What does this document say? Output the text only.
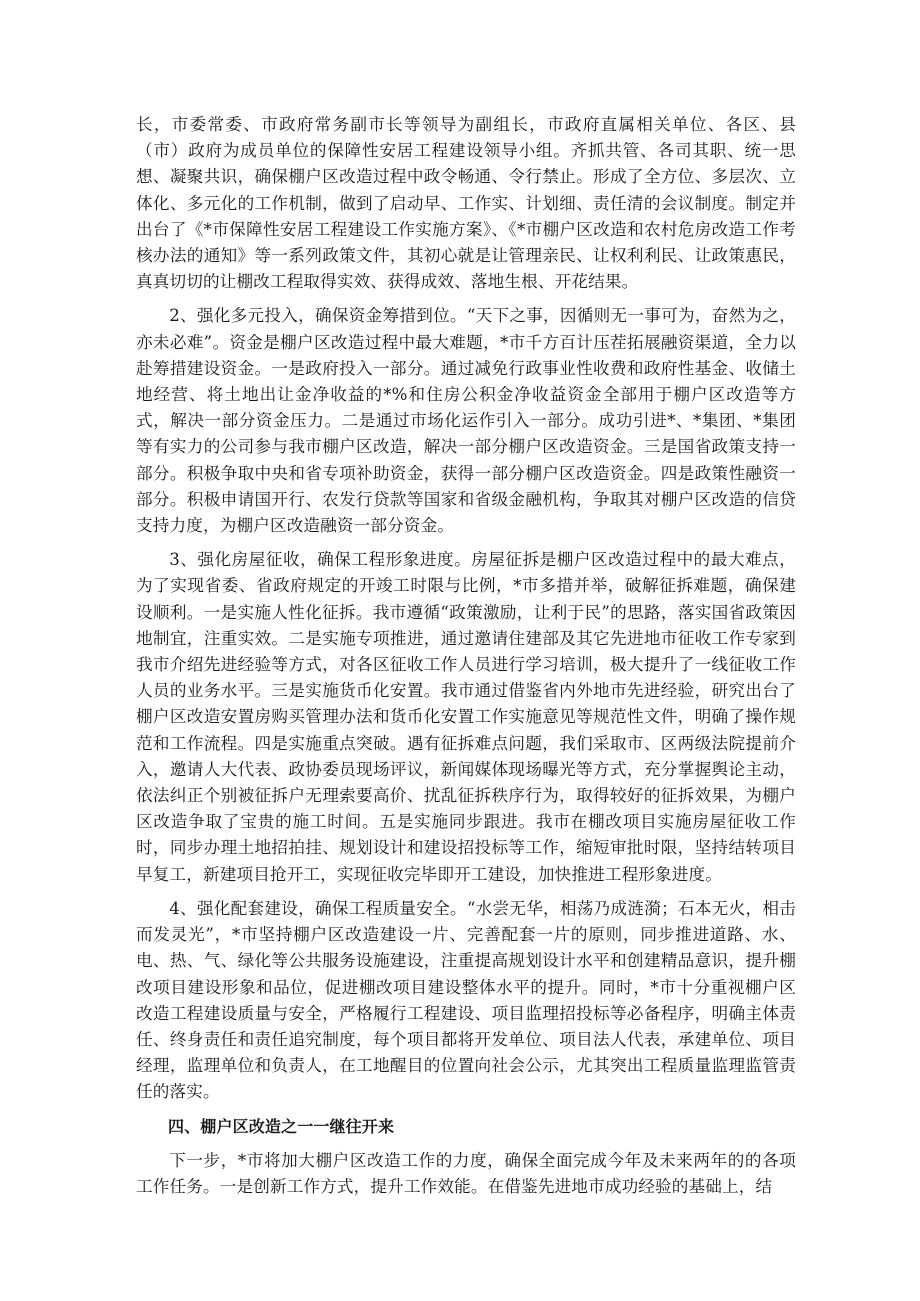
长，市委常委、市政府常务副市长等领导为副组长，市政府直属相关单位、各区、县（市）政府为成员单位的保障性安居工程建设领导小组。齐抓共管、各司其职、统一思想、凝聚共识，确保棚户区改造过程中政令畅通、令行禁止。形成了全方位、多层次、立体化、多元化的工作机制，做到了启动早、工作实、计划细、责任清的会议制度。制定并出台了《*市保障性安居工程建设工作实施方案》、《*市棚户区改造和农村危房改造工作考核办法的通知》等一系列政策文件，其初心就是让管理亲民、让权利利民、让政策惠民，真真切切的让棚改工程取得实效、获得成效、落地生根、开花结果。

2、强化多元投入，确保资金筹措到位。“天下之事，因循则无一事可为，奋然为之，亦未必难”。资金是棚户区改造过程中最大难题，*市千方百计压茬拓展融资渠道，全力以赴筹措建设资金。一是政府投入一部分。通过减免行政事业性收费和政府性基金、收储土地经营、将土地出让金净收益的*%和住房公积金净收益资金全部用于棚户区改造等方式，解决一部分资金压力。二是通过市场化运作引入一部分。成功引进*、*集团、*集团等有实力的公司参与我市棚户区改造，解决一部分棚户区改造资金。三是国省政策支持一部分。积极争取中央和省专项补助资金，获得一部分棚户区改造资金。四是政策性融资一部分。积极申请国开行、农发行贷款等国家和省级金融机构，争取其对棚户区改造的信贷支持力度，为棚户区改造融资一部分资金。

3、强化房屋征收，确保工程形象进度。房屋征拆是棚户区改造过程中的最大难点，为了实现省委、省政府规定的开竣工时限与比例，*市多措并举，破解征拆难题，确保建设顺利。一是实施人性化征拆。我市遵循“政策激励，让利于民”的思路，落实国省政策因地制宜，注重实效。二是实施专项推进，通过邀请住建部及其它先进地市征收工作专家到我市介绍先进经验等方式，对各区征收工作人员进行学习培训，极大提升了一线征收工作人员的业务水平。三是实施货币化安置。我市通过借鉴省内外地市先进经验，研究出台了棚户区改造安置房购买管理办法和货币化安置工作实施意见等规范性文件，明确了操作规范和工作流程。四是实施重点突破。遇有征拆难点问题，我们采取市、区两级法院提前介入，邀请人大代表、政协委员现场评议，新闻媒体现场曝光等方式，充分掌握舆论主动，依法纠正个别被征拆户无理索要高价、扰乱征拆秩序行为，取得较好的征拆效果，为棚户区改造争取了宝贵的施工时间。五是实施同步跟进。我市在棚改项目实施房屋征收工作时，同步办理土地招拍挂、规划设计和建设招投标等工作，缩短审批时限，坚持结转项目早复工，新建项目抢开工，实现征收完毕即开工建设，加快推进工程形象进度。

4、强化配套建设，确保工程质量安全。“水尝无华，相荡乃成涟漪；石本无火，相击而发灵光”，*市坚持棚户区改造建设一片、完善配套一片的原则，同步推进道路、水、电、热、气、绿化等公共服务设施建设，注重提高规划设计水平和创建精品意识，提升棚改项目建设形象和品位，促进棚改项目建设整体水平的提升。同时，*市十分重视棚户区改造工程建设质量与安全，严格履行工程建设、项目监理招投标等必备程序，明确主体责任、终身责任和责任追究制度，每个项目都将开发单位、项目法人代表，承建单位、项目经理，监理单位和负责人，在工地醒目的位置向社会公示，尤其突出工程质量监理监管责任的落实。

四、棚户区改造之一一继往开来

下一步，*市将加大棚户区改造工作的力度，确保全面完成今年及未来两年的的各项工作任务。一是创新工作方式，提升工作效能。在借鉴先进地市成功经验的基础上，结
